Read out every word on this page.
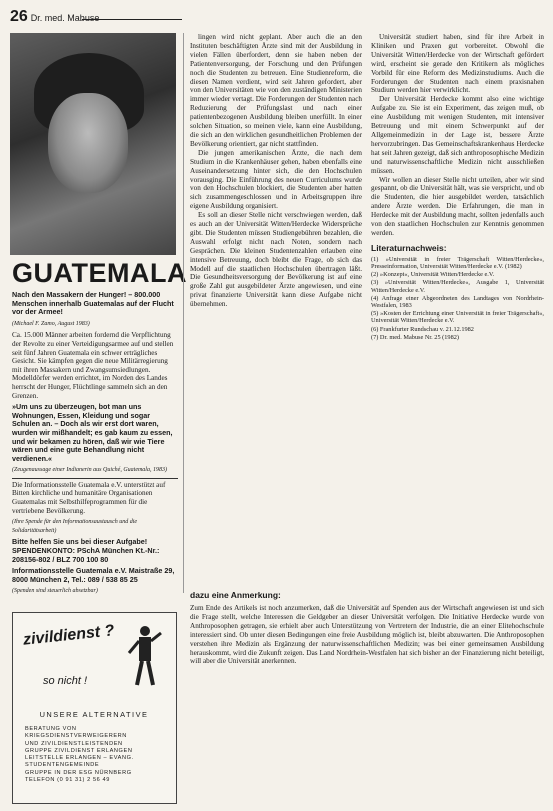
26 Dr. med. Mabuse
GUATEMALA

Nach den Massakern der Hunger! – 800.000 Menschen innerhalb Guatemalas auf der Flucht vor der Armee!

(Michael F. Zamo, August 1983)

Ca. 15.000 Männer arbeiten fordernd die Verpflichtung der Revolte zu einer Verteidigungsarmee auf und stellen seit fünf Jahren Guatemala ein schwer erträgliches Gesicht. Sie kämpfen gegen die neue Militärregierung mit ihren Massakern und Zwangsumsiedlungen. Modelldörfer werden errichtet, im Norden des Landes herrscht der Hunger, Flüchtlinge sammeln sich an den Grenzen.

»Um uns zu überzeugen, bot man uns Wohnungen, Essen, Kleidung und sogar Schulen an. – Doch als wir erst dort waren, wurden wir mißhandelt; es gab kaum zu essen, und wir bekamen zu hören, daß wir wie Tiere wären und eine gute Behandlung nicht verdienen.«

(Zeugenaussage einer Indianerin aus Quiché, Guatemala, 1983)

Die Informationsstelle Guatemala e.V. unterstützt auf Bitten kirchliche und humanitäre Organisationen Guatemalas mit Selbsthilfeprogrammen für die vertriebene Bevölkerung.

(Ihre Spende für den Informationsaustausch und die Solidaritätsarbeit)

Bitte helfen Sie uns bei dieser Aufgabe! SPENDENKONTO: PSchA München Kt.-Nr.: 208156-802 / BLZ 700 100 80

Informationsstelle Guatemala e.V. Maistraße 29, 8000 München 2, Tel.: 089 / 538 85 25

(Spenden sind steuerlich absetzbar)

zivildienst ?
so nicht !
UNSERE ALTERNATIVE
BERATUNG VON KRIEGSDIENSTVERWEIGERERN
UND ZIVILDIENSTLEISTENDEN
GRUPPE ZIVILDIENST ERLANGEN
LEITSTELLE ERLANGEN – EVANG. STUDENTENGEMEINDE
GRUPPE IN DER ESG NÜRNBERG
TELEFON (0 91 31) 2 56 49

lingen wird nicht geplant. Aber auch die an den Instituten beschäftigten Ärzte sind mit der Ausbildung in vielen Fällen überfordert, denn sie haben neben der Patientenversorgung, der Forschung und den Prüfungen noch die Studenten zu betreuen. Eine Studienreform, die diesen Namen verdient, wird seit Jahren gefordert, aber von den Universitäten wie von den zuständigen Ministerien immer wieder vertagt. Die Forderungen der Studenten nach Reduzierung der Prüfungslast und nach einer patientenbezogenen Ausbildung bleiben unerfüllt. In einer solchen Situation, so meinen viele, kann eine Ausbildung, die sich an den wirklichen gesundheitlichen Problemen der Bevölkerung orientiert, gar nicht stattfinden.

Die jungen amerikanischen Ärzte, die nach dem Studium in die Krankenhäuser gehen, haben ebenfalls eine Auseinandersetzung hinter sich, die den Hochschulen vorausging. Die Einführung des neuen Curriculums wurde von den Hochschulen blockiert, die Studenten aber hatten sich zusammengeschlossen und in Arbeitsgruppen ihre eigene Ausbildung organisiert.

Es soll an dieser Stelle nicht verschwiegen werden, daß es auch an der Universität Witten/Herdecke Widersprüche gibt. Die Studenten müssen Studiengebühren bezahlen, die Auswahl erfolgt nicht nach Noten, sondern nach Gesprächen. Die kleinen Studentenzahlen erlauben eine intensive Betreuung, doch bleibt die Frage, ob sich das Modell auf die staatlichen Hochschulen übertragen läßt. Die Gesundheitsversorgung der Bevölkerung ist auf eine große Zahl gut ausgebildeter Ärzte angewiesen, und eine privat finanzierte Universität kann diese Aufgabe nicht übernehmen.

Universität studiert haben, sind für ihre Arbeit in Kliniken und Praxen gut vorbereitet. Obwohl die Universität Witten/Herdecke von der Wirtschaft gefördert wird, erscheint sie gerade den Kritikern als mögliches Vorbild für eine Reform des Medizinstudiums. Auch die Forderungen der Studenten nach einem praxisnahen Studium werden hier verwirklicht.

Der Universität Herdecke kommt also eine wichtige Aufgabe zu. Sie ist ein Experiment, das zeigen muß, ob eine Ausbildung mit wenigen Studenten, mit intensiver Betreuung und mit einem Schwerpunkt auf der Allgemeinmedizin in der Lage ist, bessere Ärzte hervorzubringen. Das Gemeinschaftskrankenhaus Herdecke hat seit Jahren gezeigt, daß sich anthroposophische Medizin und naturwissenschaftliche Medizin nicht ausschließen müssen.

Wir wollen an dieser Stelle nicht urteilen, aber wir sind gespannt, ob die Universität hält, was sie verspricht, und ob die Studenten, die hier ausgebildet werden, tatsächlich andere Ärzte werden. Die Erfahrungen, die man in Herdecke mit der Ausbildung macht, sollten jedenfalls auch von den staatlichen Hochschulen zur Kenntnis genommen werden.

Literaturnachweis:
(1) »Universität in freier Trägerschaft Witten/Herdecke«, Presseinformation, Universität Witten/Herdecke e.V. (1982)
(2) »Konzept«, Universität Witten/Herdecke e.V.
(3) »Universität Witten/Herdecke«, Ausgabe 1, Universität Witten/Herdecke e.V.
(4) Anfrage einer Abgeordneten des Landtages von Nordrhein-Westfalen, 1983
(5) »Kosten der Errichtung einer Universität in freier Trägerschaft«, Universität Witten/Herdecke e.V.
(6) Frankfurter Rundschau v. 21.12.1982
(7) Dr. med. Mabuse Nr. 25 (1982)
dazu eine Anmerkung:
Zum Ende des Artikels ist noch anzumerken, daß die Universität auf Spenden aus der Wirtschaft angewiesen ist und sich die Frage stellt, welche Interessen die Geldgeber an dieser Universität verfolgen. Die Initiative Herdecke wurde von Anthroposophen getragen, sie erhielt aber auch Unterstützung von Vertretern der Industrie, die an einer Elitehochschule interessiert sind. Ob unter diesen Bedingungen eine freie Ausbildung möglich ist, bleibt abzuwarten. Die Anthroposophen verstehen ihre Medizin als Ergänzung der naturwissenschaftlichen Medizin; was bei einer gemeinsamen Ausbildung herauskommt, wird die Zukunft zeigen. Das Land Nordrhein-Westfalen hat sich bisher an der Finanzierung nicht beteiligt, will aber die Universität anerkennen.
